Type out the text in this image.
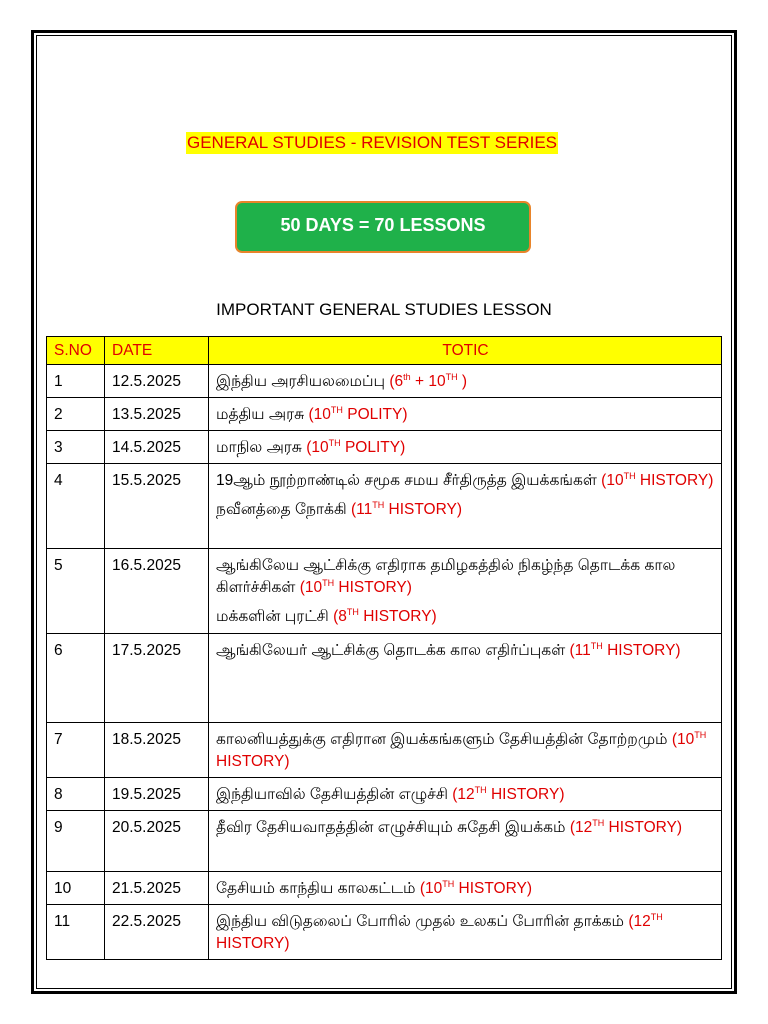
GENERAL STUDIES - REVISION TEST SERIES
50 DAYS = 70 LESSONS
IMPORTANT GENERAL STUDIES LESSON
S.NO	DATE	TOTIC
1	12.5.2025	இந்திய அரசியலமைப்பு (6th + 10TH )

2	13.5.2025	மத்திய அரசு (10TH POLITY)

3	14.5.2025	மாநில அரசு (10TH POLITY)

4	15.5.2025	19ஆம் நூற்றாண்டில் சமூக சமய சீர்திருத்த இயக்கங்கள் (10TH HISTORY)
நவீனத்தை நோக்கி (11TH HISTORY)

5	16.5.2025	ஆங்கிலேய ஆட்சிக்கு எதிராக தமிழகத்தில் நிகழ்ந்த தொடக்க கால கிளர்ச்சிகள் (10TH HISTORY)
மக்களின் புரட்சி (8TH HISTORY)

6	17.5.2025	ஆங்கிலேயர் ஆட்சிக்கு தொடக்க கால எதிர்ப்புகள் (11TH HISTORY)

7	18.5.2025	காலனியத்துக்கு எதிரான இயக்கங்களும் தேசியத்தின் தோற்றமும் (10TH HISTORY)

8	19.5.2025	இந்தியாவில் தேசியத்தின் எழுச்சி (12TH HISTORY)

9	20.5.2025	தீவிர தேசியவாதத்தின் எழுச்சியும் சுதேசி இயக்கம் (12TH HISTORY)

10	21.5.2025	தேசியம் காந்திய காலகட்டம் (10TH HISTORY)

11	22.5.2025	இந்திய விடுதலைப் போரில் முதல் உலகப் போரின் தாக்கம் (12TH HISTORY)
